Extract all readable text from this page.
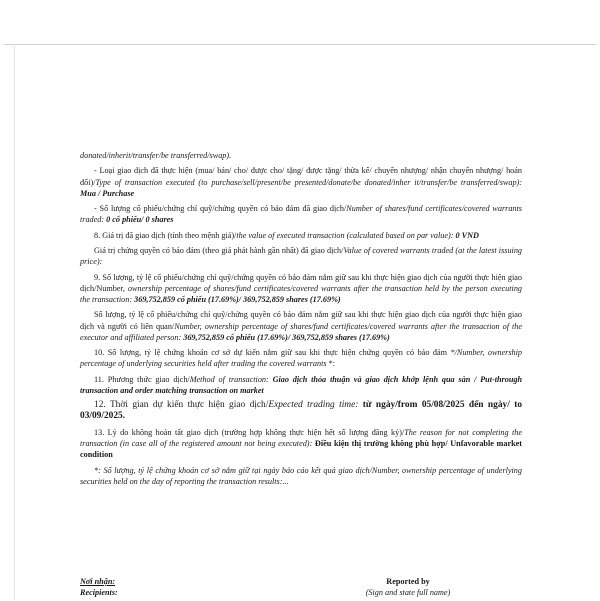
donated/inherit/transfer/be transferred/swap).

- Loại giao dịch đã thực hiện (mua/ bán/ cho/ được cho/ tặng/ được tặng/ thừa kế/ chuyển nhượng/ nhận chuyển nhượng/ hoán đổi)/Type of transaction executed (to purchase/sell/present/be presented/donate/be donated/inher it/transfer/be transferred/swap): Mua / Purchase

- Số lượng cổ phiếu/chứng chỉ quỹ/chứng quyền có bảo đảm đã giao dịch/Number of shares/fund certificates/covered warrants traded: 0 cổ phiếu/ 0 shares

8. Giá trị đã giao dịch (tính theo mệnh giá)/the value of executed transaction (calculated based on par value): 0 VND

Giá trị chứng quyền có bảo đảm (theo giá phát hành gần nhất) đã giao dịch/Value of covered warrants traded (at the latest issuing price):

9. Số lượng, tỷ lệ cổ phiếu/chứng chỉ quỹ/chứng quyền có bảo đảm nắm giữ sau khi thực hiện giao dịch của người thực hiện giao dịch/Number, ownership percentage of shares/fund certificates/covered warrants after the transaction held by the person executing the transaction: 369,752,859 cổ phiếu (17.69%)/ 369,752,859 shares (17.69%)

Số lượng, tỷ lệ cổ phiếu/chứng chỉ quỹ/chứng quyền có bảo đảm nắm giữ sau khi thực hiện giao dịch của người thực hiện giao dịch và người có liên quan/Number, ownership percentage of shares/fund certificates/covered warrants after the transaction of the executor and affiliated person: 369,752,859 cổ phiếu (17.69%)/ 369,752,859 shares (17.69%)

10. Số lượng, tỷ lệ chứng khoán cơ sở dự kiến nắm giữ sau khi thực hiện chứng quyền có bảo đảm */Number, ownership percentage of underlying securities held after trading the covered warrants *:

11. Phương thức giao dịch/Method of transaction: Giao dịch thỏa thuận và giao dịch khớp lệnh qua sàn / Put-through transaction and order matching transaction on market

12. Thời gian dự kiến thực hiện giao dịch/Expected trading time: từ ngày/from 05/08/2025 đến ngày/ to 03/09/2025.

13. Lý do không hoàn tất giao dịch (trường hợp không thực hiện hết số lượng đăng ký)/The reason for not completing the transaction (in case all of the registered amount not being executed): Điều kiện thị trường không phù hợp/ Unfavorable market condition

*: Số lượng, tỷ lệ chứng khoán cơ sở nắm giữ tại ngày báo cáo kết quả giao dịch/Number, ownership percentage of underlying securities held on the day of reporting the transaction results:...

Nơi nhận:
Recipients:
Reported by
(Sign and state full name)
